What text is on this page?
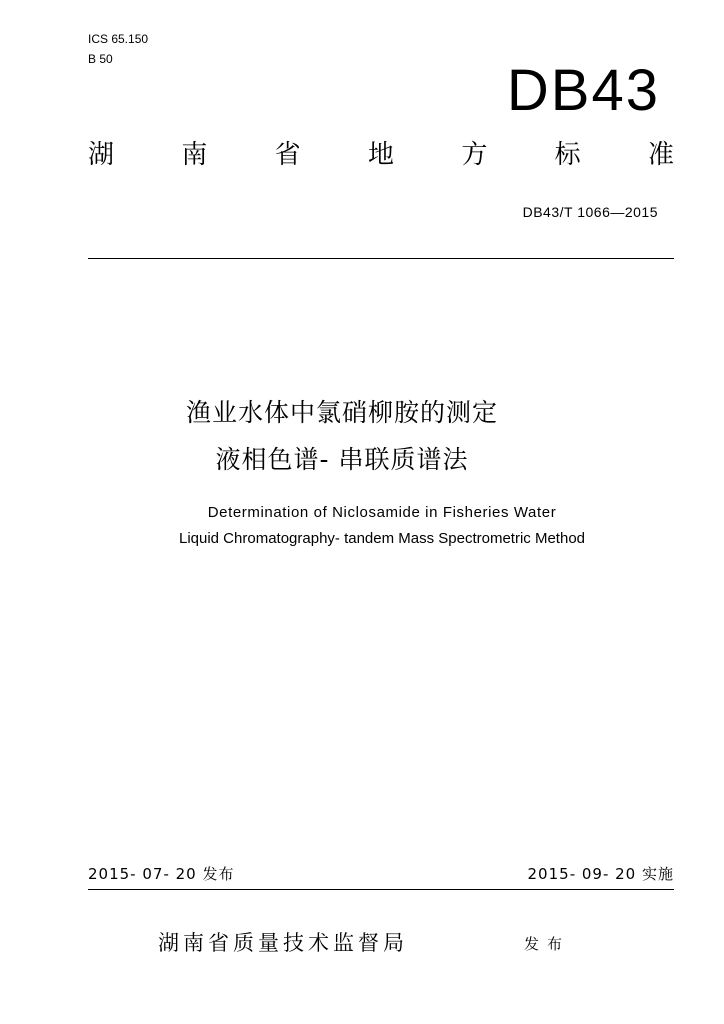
ICS 65.150
B 50	DB43
湖	南	省	地	方	标	准
DB43/T 1066—2015
渔业水体中氯硝柳胺的测定
液相色谱- 串联质谱法
Determination of Niclosamide in Fisheries Water
Liquid Chromatography- tandem Mass Spectrometric Method
2015- 07- 20 发布	2015- 09- 20 实施
湖南省质量技术监督局	发布
